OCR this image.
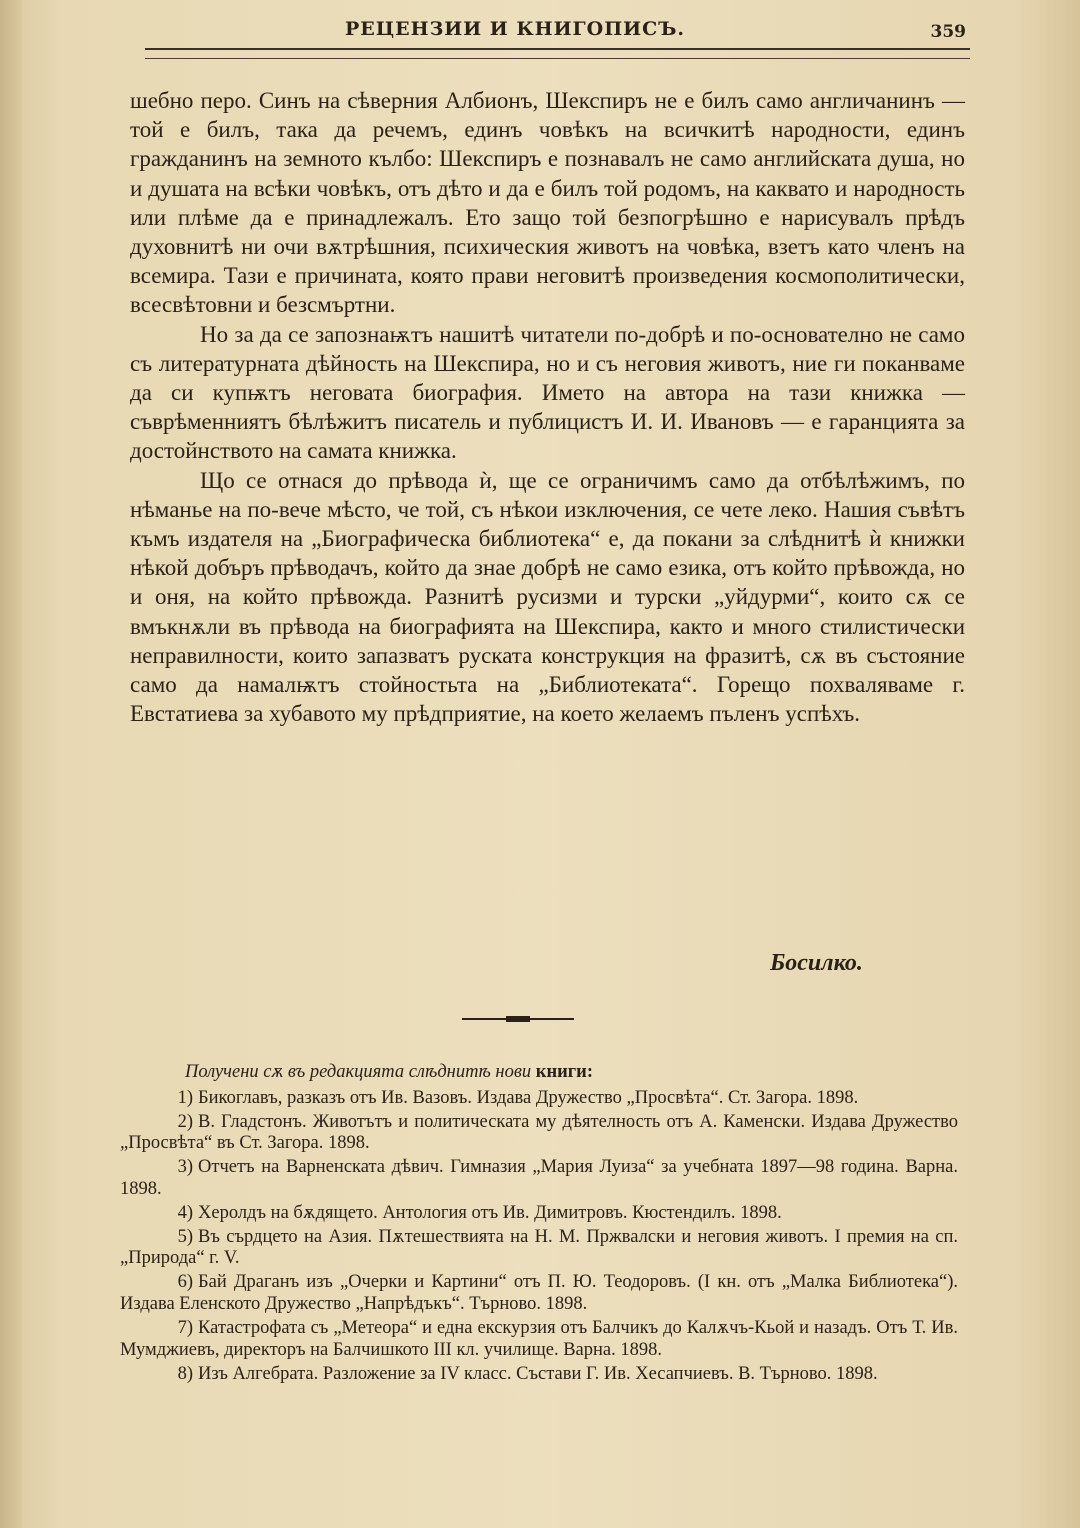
РЕЦЕНЗИИ И КНИГОПИСЪ.	359

шебно перо. Синъ на сѣверния Албионъ, Шекспиръ не е билъ само англичанинъ — той е билъ, така да речемъ, единъ човѣкъ на всичкитѣ народности, единъ гражданинъ на земното кълбо: Шекспиръ е познавалъ не само английската душа, но и душата на всѣки човѣкъ, отъ дѣто и да е билъ той родомъ, на каквато и народность или плѣме да е принадлежалъ. Ето защо той безпогрѣшно е нарисувалъ прѣдъ духовнитѣ ни очи вѫтрѣшния, психическия животъ на човѣка, взетъ като членъ на всемира. Тази е причината, която прави неговитѣ произведения космополитически, всесвѣтовни и безсмъртни.

Но за да се запознаѭтъ нашитѣ читатели по-добрѣ и по-основателно не само съ литературната дѣйность на Шекспира, но и съ неговия животъ, ние ги поканваме да си купѭтъ неговата биография. Името на автора на тази книжка — съврѣменниятъ бѣлѣжитъ писатель и публицистъ И. И. Ивановъ — е гаранцията за достойнството на самата книжка.

Що се отнася до прѣвода ѝ, ще се ограничимъ само да отбѣлѣжимъ, по нѣманье на по-вече мѣсто, че той, съ нѣкои изключения, се чете леко. Нашия съвѣтъ къмъ издателя на „Биографическа библиотека“ е, да покани за слѣднитѣ ѝ книжки нѣкой добъръ прѣводачъ, който да знае добрѣ не само езика, отъ който прѣвожда, но и оня, на който прѣвожда. Разнитѣ русизми и турски „уйдурми“, които сѫ се вмъкнѫли въ прѣвода на биографията на Шекспира, както и много стилистически неправилности, които запазватъ руската конструкция на фразитѣ, сѫ въ състояние само да намалѭтъ стойностьта на „Библиотеката“. Горещо похваляваме г. Евстатиева за хубавото му прѣдприятие, на което желаемъ пъленъ успѣхъ.

Босилко.

Получени сѫ въ редакцията слѣднитѣ нови книги:

1) Бикоглавъ, разказъ отъ Ив. Вазовъ. Издава Дружество „Просвѣта“. Ст. Загора. 1898.
2) В. Гладстонъ. Животътъ и политическата му дѣятелность отъ А. Каменски. Издава Дружество „Просвѣта“ въ Ст. Загора. 1898.
3) Отчетъ на Варненската дѣвич. Гимназия „Мария Луиза“ за учебната 1897—98 година. Варна. 1898.
4) Херолдъ на бѫдящето. Антология отъ Ив. Димитровъ. Кюстендилъ. 1898.
5) Въ сърдцето на Азия. Пѫтешествията на Н. М. Пржвалски и неговия животъ. I премия на сп. „Природа“ г. V.
6) Бай Драганъ изъ „Очерки и Картини“ отъ П. Ю. Теодоровъ. (I кн. отъ „Малка Библиотека“). Издава Еленското Дружество „Напрѣдъкъ“. Търново. 1898.
7) Катастрофата съ „Метеора“ и една екскурзия отъ Балчикъ до Калѫчъ-Кьой и назадъ. Отъ Т. Ив. Мумджиевъ, директоръ на Балчишкото III кл. училище. Варна. 1898.
8) Изъ Алгебрата. Разложение за IV класс. Състави Г. Ив. Хесапчиевъ. В. Търново. 1898.
